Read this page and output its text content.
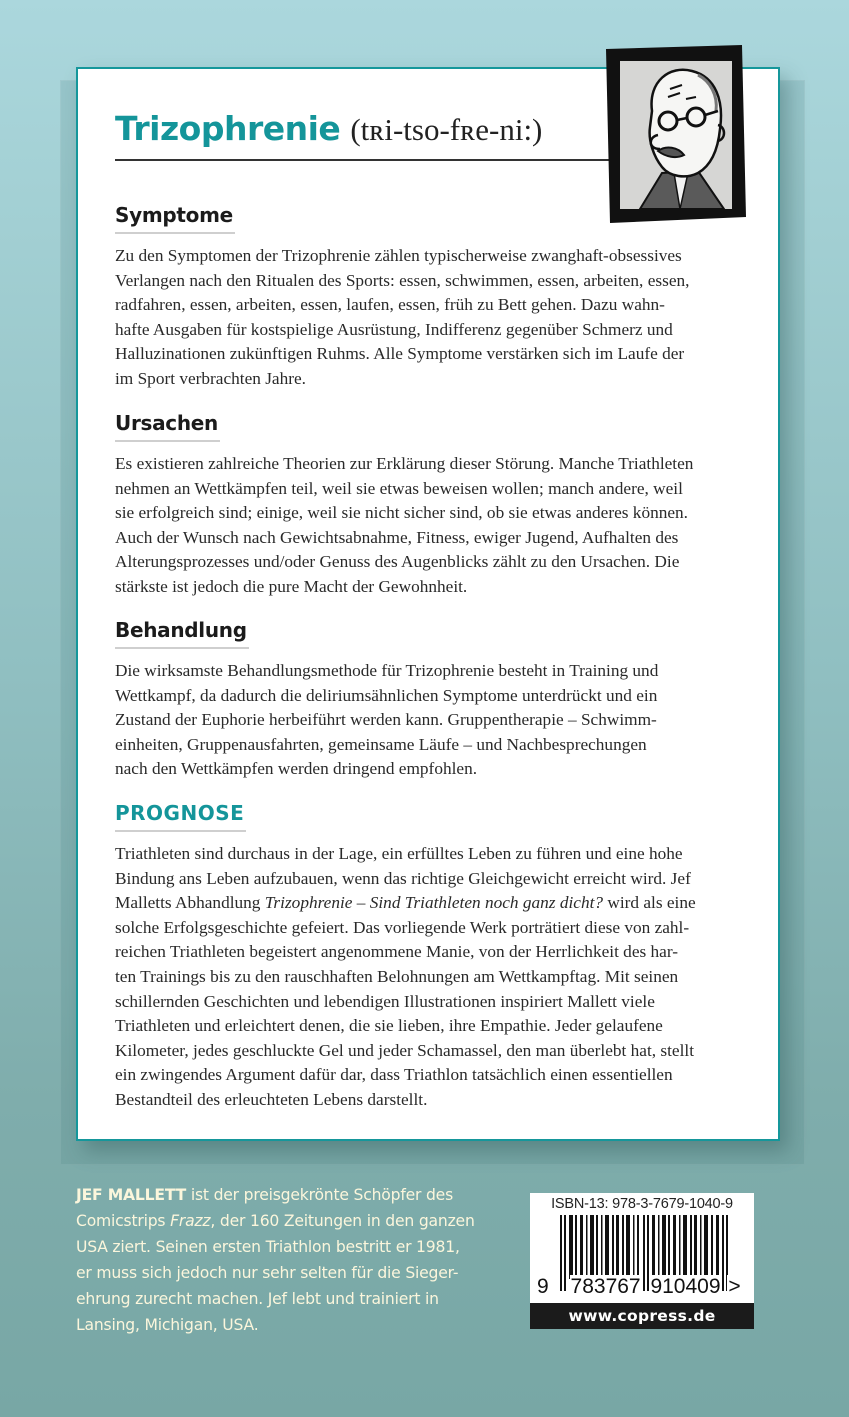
Trizophrenie (tʀi-tso-fʀe-ni:)
Symptome
Zu den Symptomen der Trizophrenie zählen typischerweise zwanghaft-obsessives
Verlangen nach den Ritualen des Sports: essen, schwimmen, essen, arbeiten, essen,
radfahren, essen, arbeiten, essen, laufen, essen, früh zu Bett gehen. Dazu wahn-
hafte Ausgaben für kostspielige Ausrüstung, Indifferenz gegenüber Schmerz und
Halluzinationen zukünftigen Ruhms. Alle Symptome verstärken sich im Laufe der
im Sport verbrachten Jahre.
Ursachen
Es existieren zahlreiche Theorien zur Erklärung dieser Störung. Manche Triathleten
nehmen an Wettkämpfen teil, weil sie etwas beweisen wollen; manch andere, weil
sie erfolgreich sind; einige, weil sie nicht sicher sind, ob sie etwas anderes können.
Auch der Wunsch nach Gewichtsabnahme, Fitness, ewiger Jugend, Aufhalten des
Alterungsprozesses und/oder Genuss des Augenblicks zählt zu den Ursachen. Die
stärkste ist jedoch die pure Macht der Gewohnheit.
Behandlung
Die wirksamste Behandlungsmethode für Trizophrenie besteht in Training und
Wettkampf, da dadurch die deliriumsähnlichen Symptome unterdrückt und ein
Zustand der Euphorie herbeiführt werden kann. Gruppentherapie – Schwimm-
einheiten, Gruppenausfahrten, gemeinsame Läufe – und Nachbesprechungen
nach den Wettkämpfen werden dringend empfohlen.
PROGNOSE
Triathleten sind durchaus in der Lage, ein erfülltes Leben zu führen und eine hohe
Bindung ans Leben aufzubauen, wenn das richtige Gleichgewicht erreicht wird. Jef
Malletts Abhandlung Trizophrenie – Sind Triathleten noch ganz dicht? wird als eine
solche Erfolgsgeschichte gefeiert. Das vorliegende Werk porträtiert diese von zahl-
reichen Triathleten begeistert angenommene Manie, von der Herrlichkeit des har-
ten Trainings bis zu den rauschhaften Belohnungen am Wettkampftag. Mit seinen
schillernden Geschichten und lebendigen Illustrationen inspiriert Mallett viele
Triathleten und erleichtert denen, die sie lieben, ihre Empathie. Jeder gelaufene
Kilometer, jedes geschluckte Gel und jeder Schamassel, den man überlebt hat, stellt
ein zwingendes Argument dafür dar, dass Triathlon tatsächlich einen essentiellen
Bestandteil des erleuchteten Lebens darstellt.
JEF MALLETT ist der preisgekrönte Schöpfer des
Comicstrips Frazz, der 160 Zeitungen in den ganzen
USA ziert. Seinen ersten Triathlon bestritt er 1981,
er muss sich jedoch nur sehr selten für die Sieger-
ehrung zurecht machen. Jef lebt und trainiert in
Lansing, Michigan, USA.
ISBN-13: 978-3-7679-1040-9
9 783767 910409 >
www.copress.de
